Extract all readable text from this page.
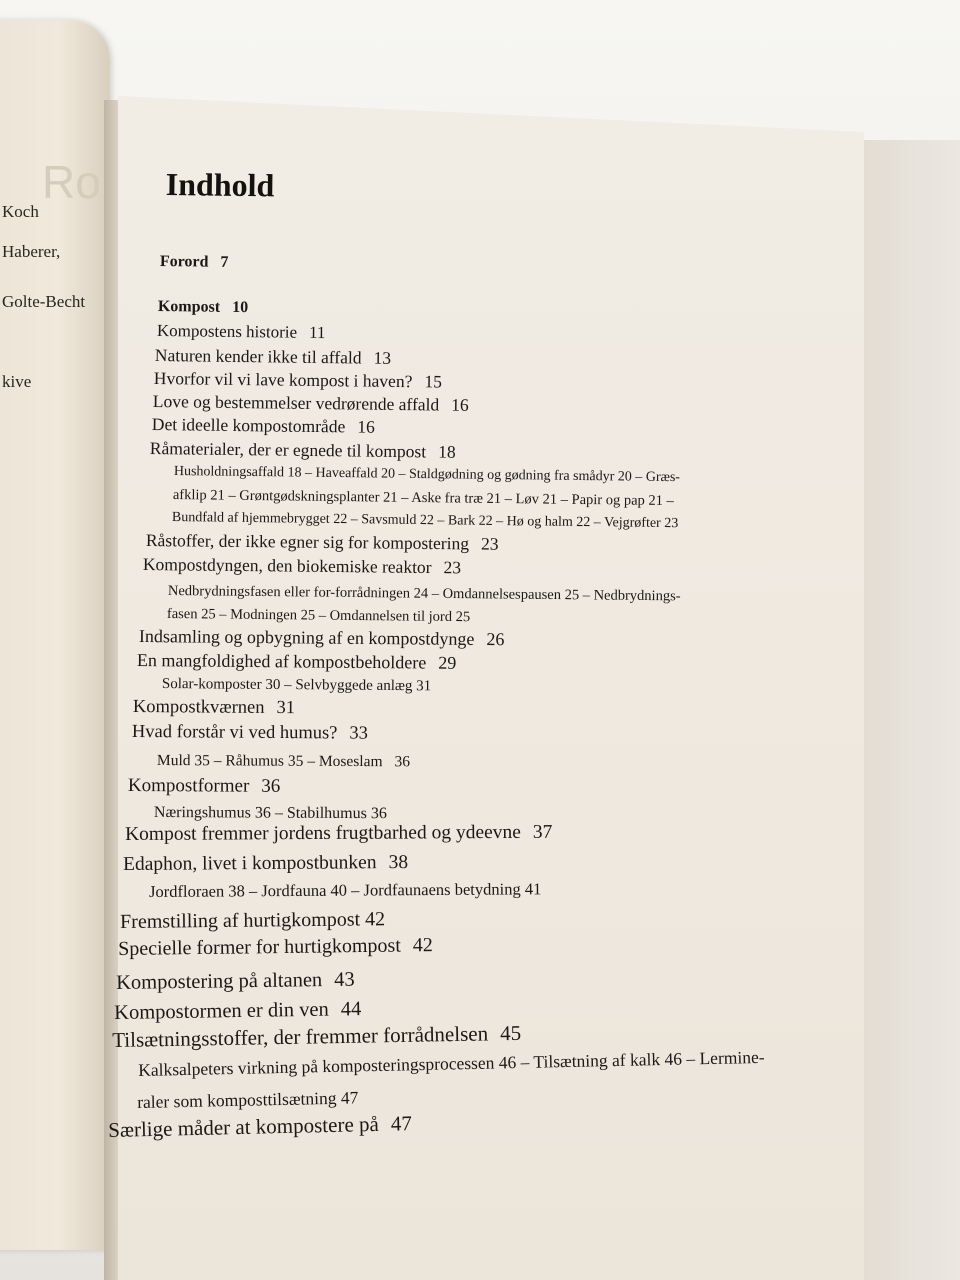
Ro
Koch
Haberer,
Golte-Becht
kive
Indhold
Forord 7
Kompost 10
Kompostens historie 11
Naturen kender ikke til affald 13
Hvorfor vil vi lave kompost i haven? 15
Love og bestemmelser vedrørende affald 16
Det ideelle kompostområde 16
Råmaterialer, der er egnede til kompost 18
Husholdningsaffald 18 – Haveaffald 20 – Staldgødning og gødning fra smådyr 20 – Græs-
afklip 21 – Grøntgødskningsplanter 21 – Aske fra træ 21 – Løv 21 – Papir og pap 21 –
Bundfald af hjemmebrygget 22 – Savsmuld 22 – Bark 22 – Hø og halm 22 – Vejgrøfter 23
Råstoffer, der ikke egner sig for kompostering 23
Kompostdyngen, den biokemiske reaktor 23
Nedbrydningsfasen eller for-forrådningen 24 – Omdannelsespausen 25 – Nedbrydnings-
fasen 25 – Modningen 25 – Omdannelsen til jord 25
Indsamling og opbygning af en kompostdynge 26
En mangfoldighed af kompostbeholdere 29
Solar-komposter 30 – Selvbyggede anlæg 31
Kompostkværnen 31
Hvad forstår vi ved humus? 33
Muld 35 – Råhumus 35 – Moseslam 36
Kompostformer 36
Næringshumus 36 – Stabilhumus 36
Kompost fremmer jordens frugtbarhed og ydeevne 37
Edaphon, livet i kompostbunken 38
Jordfloraen 38 – Jordfauna 40 – Jordfaunaens betydning 41
Fremstilling af hurtigkompost 42
Specielle former for hurtigkompost 42
Kompostering på altanen 43
Kompostormen er din ven 44
Tilsætningsstoffer, der fremmer forrådnelsen 45
Kalksalpeters virkning på komposteringsprocessen 46 – Tilsætning af kalk 46 – Lermine-
raler som komposttilsætning 47
Særlige måder at kompostere på 47
